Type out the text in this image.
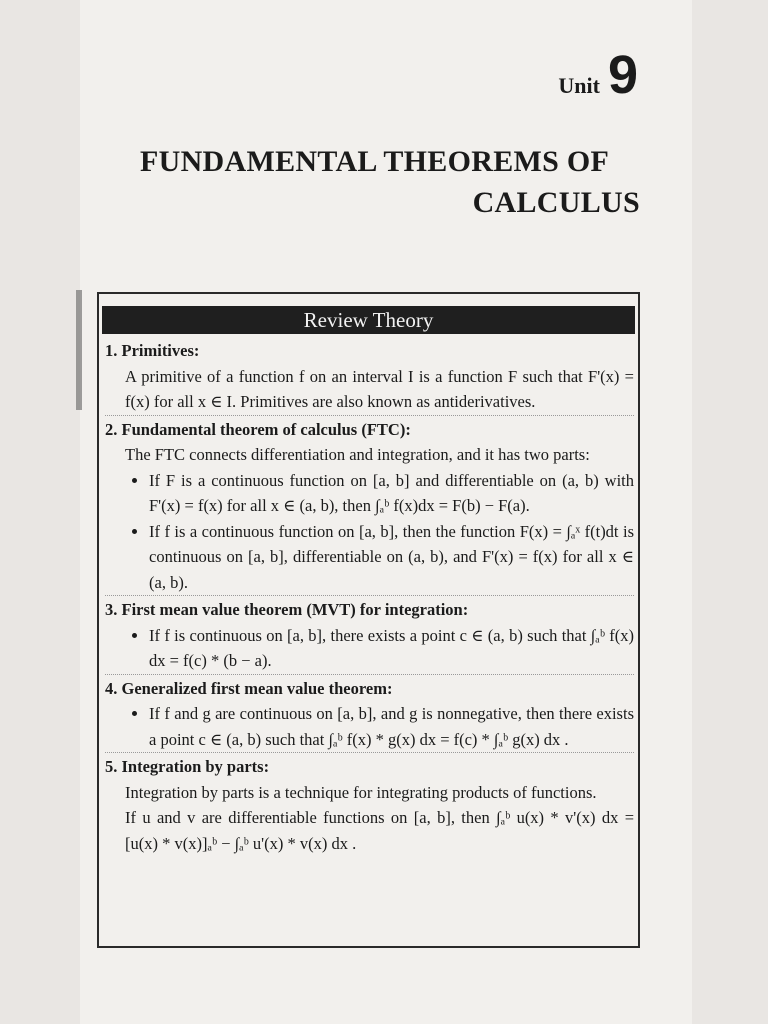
Unit 9
FUNDAMENTAL THEOREMS OF
CALCULUS
Review Theory
1. Primitives:
A primitive of a function f on an interval I is a function F such that F'(x) = f(x) for all x ∈ I. Primitives are also known as antiderivatives.
2. Fundamental theorem of calculus (FTC):
The FTC connects differentiation and integration, and it has two parts:
• If F is a continuous function on [a, b] and differentiable on (a, b) with F'(x) = f(x) for all x ∈ (a, b), then ∫ₐᵇ f(x)dx = F(b) − F(a).
• If f is a continuous function on [a, b], then the function F(x) = ∫ₐˣ f(t)dt is continuous on [a, b], differentiable on (a, b), and F'(x) = f(x) for all x ∈ (a, b).
3. First mean value theorem (MVT) for integration:
• If f is continuous on [a, b], there exists a point c ∈ (a, b) such that ∫ₐᵇ f(x) dx = f(c) * (b − a).
4. Generalized first mean value theorem:
• If f and g are continuous on [a, b], and g is nonnegative, then there exists a point c ∈ (a, b) such that ∫ₐᵇ f(x) * g(x) dx = f(c) * ∫ₐᵇ g(x) dx .
5. Integration by parts:
Integration by parts is a technique for integrating products of functions.
If u and v are differentiable functions on [a, b], then ∫ₐᵇ u(x) * v'(x) dx = [u(x) * v(x)]ₐᵇ − ∫ₐᵇ u'(x) * v(x) dx .
